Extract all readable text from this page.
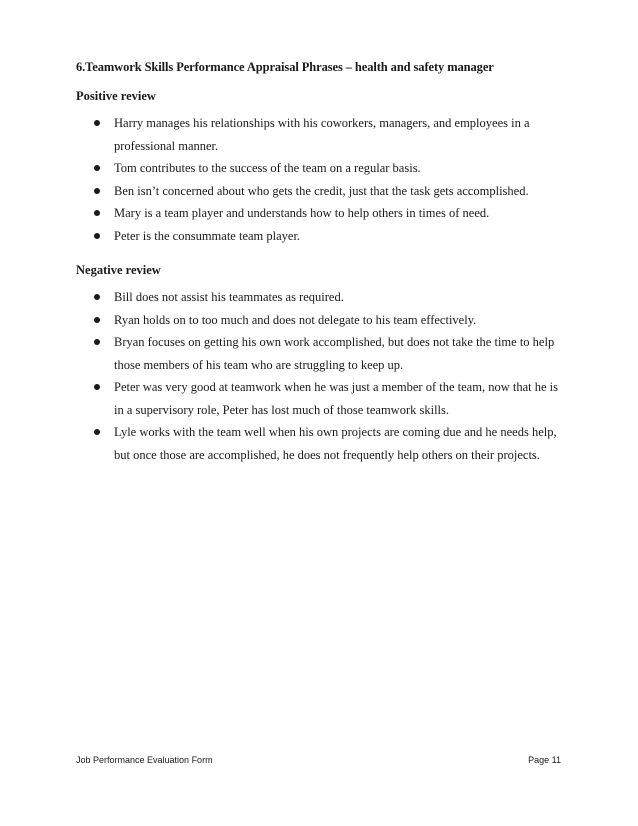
6.Teamwork Skills Performance Appraisal Phrases – health and safety manager
Positive review
Harry manages his relationships with his coworkers, managers, and employees in a professional manner.
Tom contributes to the success of the team on a regular basis.
Ben isn’t concerned about who gets the credit, just that the task gets accomplished.
Mary is a team player and understands how to help others in times of need.
Peter is the consummate team player.
Negative review
Bill does not assist his teammates as required.
Ryan holds on to too much and does not delegate to his team effectively.
Bryan focuses on getting his own work accomplished, but does not take the time to help those members of his team who are struggling to keep up.
Peter was very good at teamwork when he was just a member of the team, now that he is in a supervisory role, Peter has lost much of those teamwork skills.
Lyle works with the team well when his own projects are coming due and he needs help, but once those are accomplished, he does not frequently help others on their projects.
Job Performance Evaluation Form	Page 11
